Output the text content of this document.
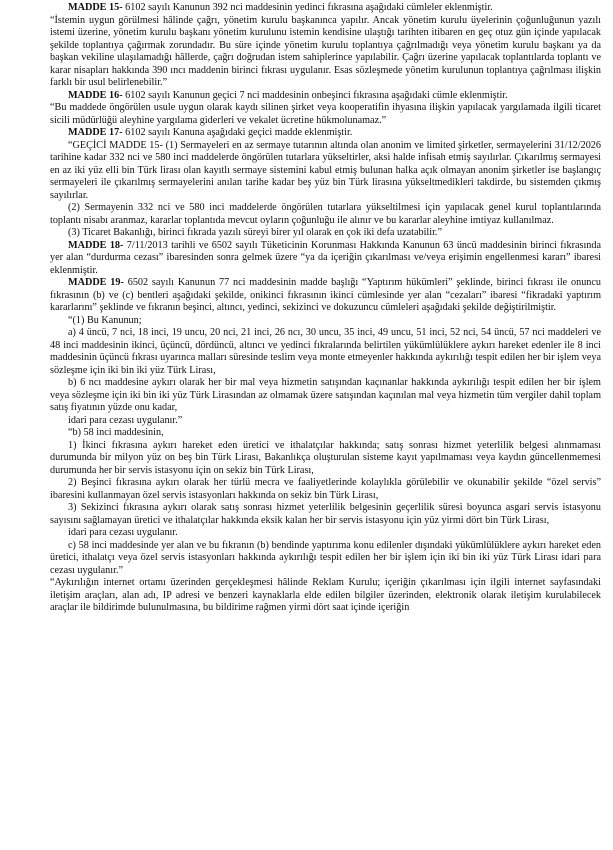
MADDE 15- 6102 sayılı Kanunun 392 nci maddesinin yedinci fıkrasına aşağıdaki cümleler eklenmiştir.

“İstemin uygun görülmesi hâlinde çağrı, yönetim kurulu başkanınca yapılır. Ancak yönetim kurulu üyelerinin çoğunluğunun yazılı istemi üzerine, yönetim kurulu başkanı yönetim kurulunu istemin kendisine ulaştığı tarihten itibaren en geç otuz gün içinde yapılacak şekilde toplantıya çağırmak zorundadır. Bu süre içinde yönetim kurulu toplantıya çağrılmadığı veya yönetim kurulu başkanı ya da başkan vekiline ulaşılamadığı hâllerde, çağrı doğrudan istem sahiplerince yapılabilir. Çağrı üzerine yapılacak toplantılarda toplantı ve karar nisapları hakkında 390 ıncı maddenin birinci fıkrası uygulanır. Esas sözleşmede yönetim kurulunun toplantıya çağrılması ilişkin farklı bir usul belirlenebilir.”

MADDE 16- 6102 sayılı Kanunun geçici 7 nci maddesinin onbeşinci fıkrasına aşağıdaki cümle eklenmiştir.

“Bu maddede öngörülen usule uygun olarak kaydı silinen şirket veya kooperatifin ihyasına ilişkin yapılacak yargılamada ilgili ticaret sicili müdürlüğü aleyhine yargılama giderleri ve vekalet ücretine hükmolunamaz.”

MADDE 17- 6102 sayılı Kanuna aşağıdaki geçici madde eklenmiştir.

“GEÇİCİ MADDE 15- (1) Sermayeleri en az sermaye tutarının altında olan anonim ve limited şirketler, sermayelerini 31/12/2026 tarihine kadar 332 nci ve 580 inci maddelerde öngörülen tutarlara yükseltirler, aksi halde infisah etmiş sayılırlar. Çıkarılmış sermayesi en az iki yüz elli bin Türk lirası olan kayıtlı sermaye sistemini kabul etmiş bulunan halka açık olmayan anonim şirketler ise başlangıç sermayeleri ile çıkarılmış sermayelerini anılan tarihe kadar beş yüz bin Türk lirasına yükseltmedikleri takdirde, bu sistemden çıkmış sayılırlar.

(2) Sermayenin 332 nci ve 580 inci maddelerde öngörülen tutarlara yükseltilmesi için yapılacak genel kurul toplantılarında toplantı nisabı aranmaz, kararlar toplantıda mevcut oyların çoğunluğu ile alınır ve bu kararlar aleyhine imtiyaz kullanılmaz.

(3) Ticaret Bakanlığı, birinci fıkrada yazılı süreyi birer yıl olarak en çok iki defa uzatabilir.”

MADDE 18- 7/11/2013 tarihli ve 6502 sayılı Tüketicinin Korunması Hakkında Kanunun 63 üncü maddesinin birinci fıkrasında yer alan “durdurma cezası” ibaresinden sonra gelmek üzere “ya da içeriğin çıkarılması ve/veya erişimin engellenmesi kararı” ibaresi eklenmiştir.

MADDE 19- 6502 sayılı Kanunun 77 nci maddesinin madde başlığı “Yaptırım hükümleri” şeklinde, birinci fıkrası ile onuncu fıkrasının (b) ve (c) bentleri aşağıdaki şekilde, onikinci fıkrasının ikinci cümlesinde yer alan “cezaları” ibaresi “fikradaki yaptırım kararlarını” şeklinde ve fıkranın beşinci, altıncı, yedinci, sekizinci ve dokuzuncu cümleleri aşağıdaki şekilde değiştirilmiştir.

“(1) Bu Kanunun;

a) 4 üncü, 7 nci, 18 inci, 19 uncu, 20 nci, 21 inci, 26 ncı, 30 uncu, 35 inci, 49 uncu, 51 inci, 52 nci, 54 üncü, 57 nci maddeleri ve 48 inci maddesinin ikinci, üçüncü, dördüncü, altıncı ve yedinci fıkralarında belirtilen yükümlülüklere aykırı hareket edenler ile 8 inci maddesinin üçüncü fıkrası uyarınca malları süresinde teslim veya monte etmeyenler hakkında aykırılığı tespit edilen her bir işlem veya sözleşme için iki bin iki yüz Türk Lirası,

b) 6 ncı maddesine aykırı olarak her bir mal veya hizmetin satışından kaçınanlar hakkında aykırılığı tespit edilen her bir işlem veya sözleşme için iki bin iki yüz Türk Lirasından az olmamak üzere satışından kaçınılan mal veya hizmetin tüm vergiler dahil toplam satış fiyatının yüzde onu kadar,

idari para cezası uygulanır.”

“b) 58 inci maddesinin,

1) İkinci fıkrasına aykırı hareket eden üretici ve ithalatçılar hakkında; satış sonrası hizmet yeterlilik belgesi alınmaması durumunda bir milyon yüz on beş bin Türk Lirası, Bakanlıkça oluşturulan sisteme kayıt yapılmaması veya kaydın güncellenmemesi durumunda her bir servis istasyonu için on sekiz bin Türk Lirası,

2) Beşinci fıkrasına aykırı olarak her türlü mecra ve faaliyetlerinde kolaylıkla görülebilir ve okunabilir şekilde “özel servis” ibaresini kullanmayan özel servis istasyonları hakkında on sekiz bin Türk Lirası,

3) Sekizinci fıkrasına aykırı olarak satış sonrası hizmet yeterlilik belgesinin geçerlilik süresi boyunca asgari servis istasyonu sayısını sağlamayan üretici ve ithalatçılar hakkında eksik kalan her bir servis istasyonu için yüz yirmi dört bin Türk Lirası,

idari para cezası uygulanır.

c) 58 inci maddesinde yer alan ve bu fıkranın (b) bendinde yaptırıma konu edilenler dışındaki yükümlülüklere aykırı hareket eden üretici, ithalatçı veya özel servis istasyonları hakkında aykırılığı tespit edilen her bir işlem için iki bin iki yüz Türk Lirası idari para cezası uygulanır.”

“Aykırılığın internet ortamı üzerinden gerçekleşmesi hâlinde Reklam Kurulu; içeriğin çıkarılması için ilgili internet sayfasındaki iletişim araçları, alan adı, IP adresi ve benzeri kaynaklarla elde edilen bilgiler üzerinden, elektronik olarak iletişim kurulabilecek araçlar ile bildirimde bulunulmasına, bu bildirime rağmen yirmi dört saat içinde içeriğin
